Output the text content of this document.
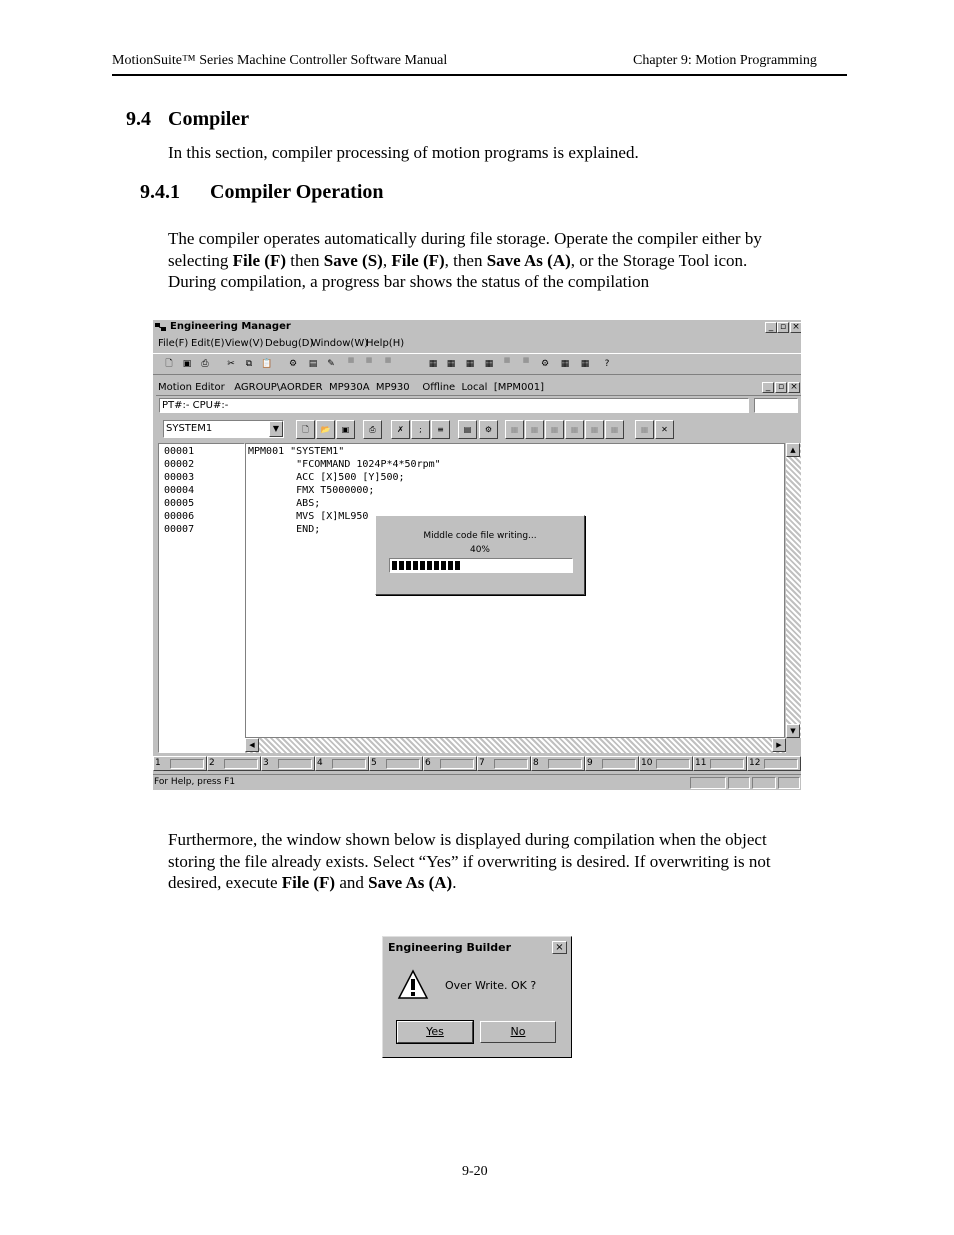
MotionSuite™ Series Machine Controller Software Manual	Chapter 9: Motion Programming
9.4 Compiler
In this section, compiler processing of motion programs is explained.
9.4.1 Compiler Operation
The compiler operates automatically during file storage. Operate the compiler either by
selecting File (F) then Save (S), File (F), then Save As (A), or the Storage Tool icon.
During compilation, a progress bar shows the status of the compilation
Engineering Manager	_ ▫ ×
File(F) Edit(E) View(V) Debug(D)
Window(W)
Help(H)
🗋	▣	⎙	✂	⧉	📋	⚙	▤	✎	▦	▦	▦	▦	▦	▦	▦	▦	▦	⚙	▦	▦	?
Motion Editor   AGROUP\AORDER  MP930A  MP930    Offline  Local  [MPM001]	_ ▫ ×
PT#:- CPU#:-
SYSTEM1	▼	🗋	📂	▣	⎙	✗	;	≡	▤	⚙	▦	▦	▦	▦	▦	▦	▦	✕
00001
00002
00003
00004
00005
00006
00007
MPM001 "SYSTEM1"
"FCOMMAND 1024P*4*50rpm"
ACC [X]500 [Y]500;
FMX T5000000;
ABS;
MVS [X]ML950
END;
▲
▼
◀	▶
Middle code file writing...
40%
1	2	3	4	5	6	7	8	9	10	11	12
For Help, press F1
Furthermore, the window shown below is displayed during compilation when the object
storing the file already exists. Select “Yes” if overwriting is desired. If overwriting is not
desired, execute File (F) and Save As (A).
Engineering Builder	×
Over Write. OK ?
Yes	No
9-20
